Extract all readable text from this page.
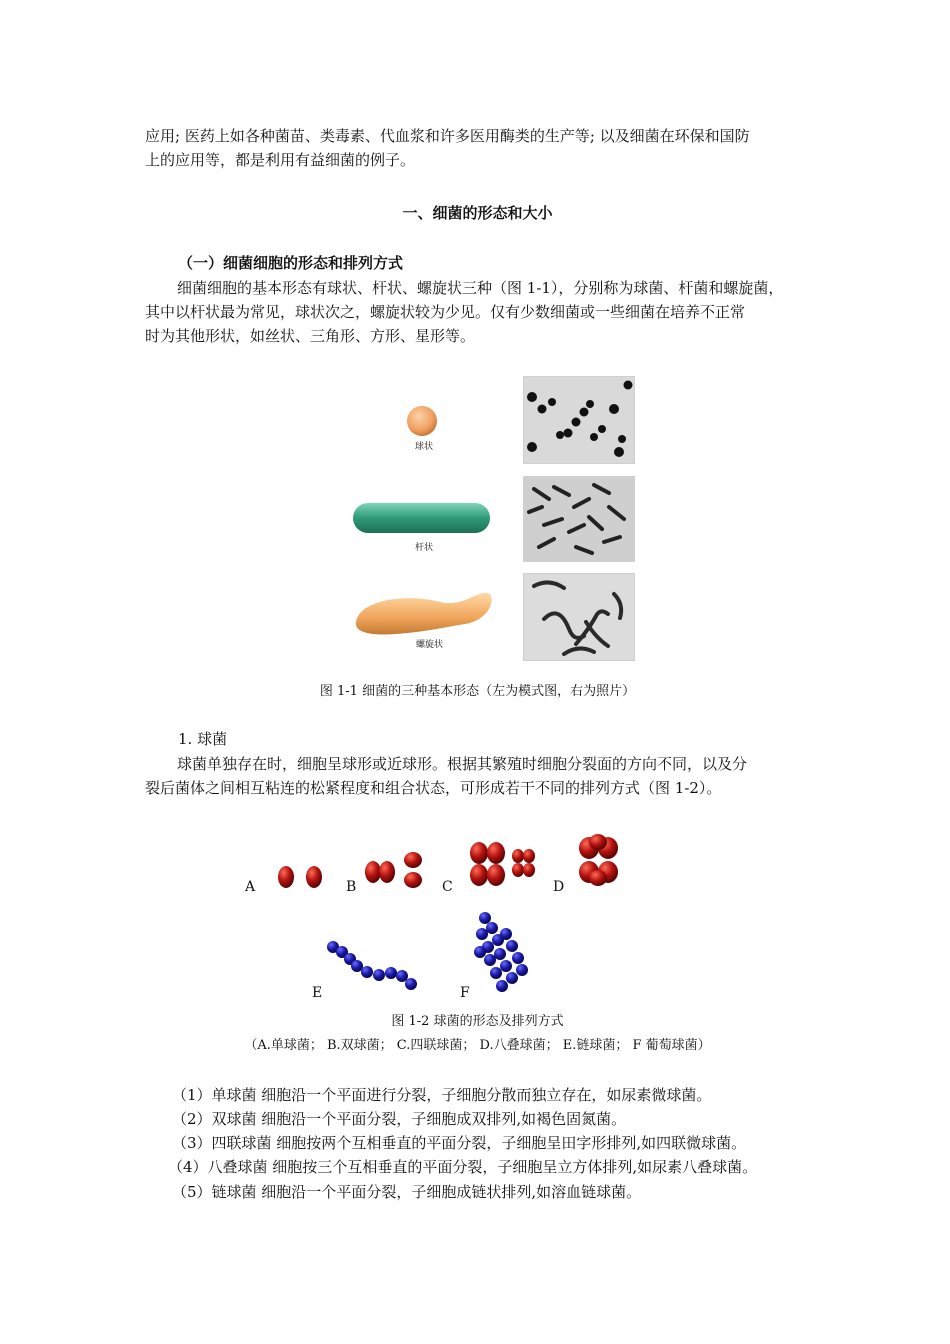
应用; 医药上如各种菌苗、类毒素、代血浆和许多医用酶类的生产等; 以及细菌在环保和国防
上的应用等，都是利用有益细菌的例子。
一、细菌的形态和大小
（一）细菌细胞的形态和排列方式
细菌细胞的基本形态有球状、杆状、螺旋状三种（图 1-1），分别称为球菌、杆菌和螺旋菌，
其中以杆状最为常见，球状次之，螺旋状较为少见。仅有少数细菌或一些细菌在培养不正常
时为其他形状，如丝状、三角形、方形、星形等。
球状
杆状
螺旋状
图 1-1 细菌的三种基本形态（左为模式图，右为照片）
1. 球菌
球菌单独存在时，细胞呈球形或近球形。根据其繁殖时细胞分裂面的方向不同，以及分
裂后菌体之间相互粘连的松紧程度和组合状态，可形成若干不同的排列方式（图 1-2）。
A	B	C	D
E	F
图 1-2 球菌的形态及排列方式
（A.单球菌； B.双球菌； C.四联球菌； D.八叠球菌； E.链球菌； F 葡萄球菌）
（1）单球菌 细胞沿一个平面进行分裂，子细胞分散而独立存在，如尿素微球菌。
（2）双球菌 细胞沿一个平面分裂，子细胞成双排列,如褐色固氮菌。
（3）四联球菌 细胞按两个互相垂直的平面分裂，子细胞呈田字形排列,如四联微球菌。
（4）八叠球菌 细胞按三个互相垂直的平面分裂，子细胞呈立方体排列,如尿素八叠球菌。
（5）链球菌 细胞沿一个平面分裂，子细胞成链状排列,如溶血链球菌。
